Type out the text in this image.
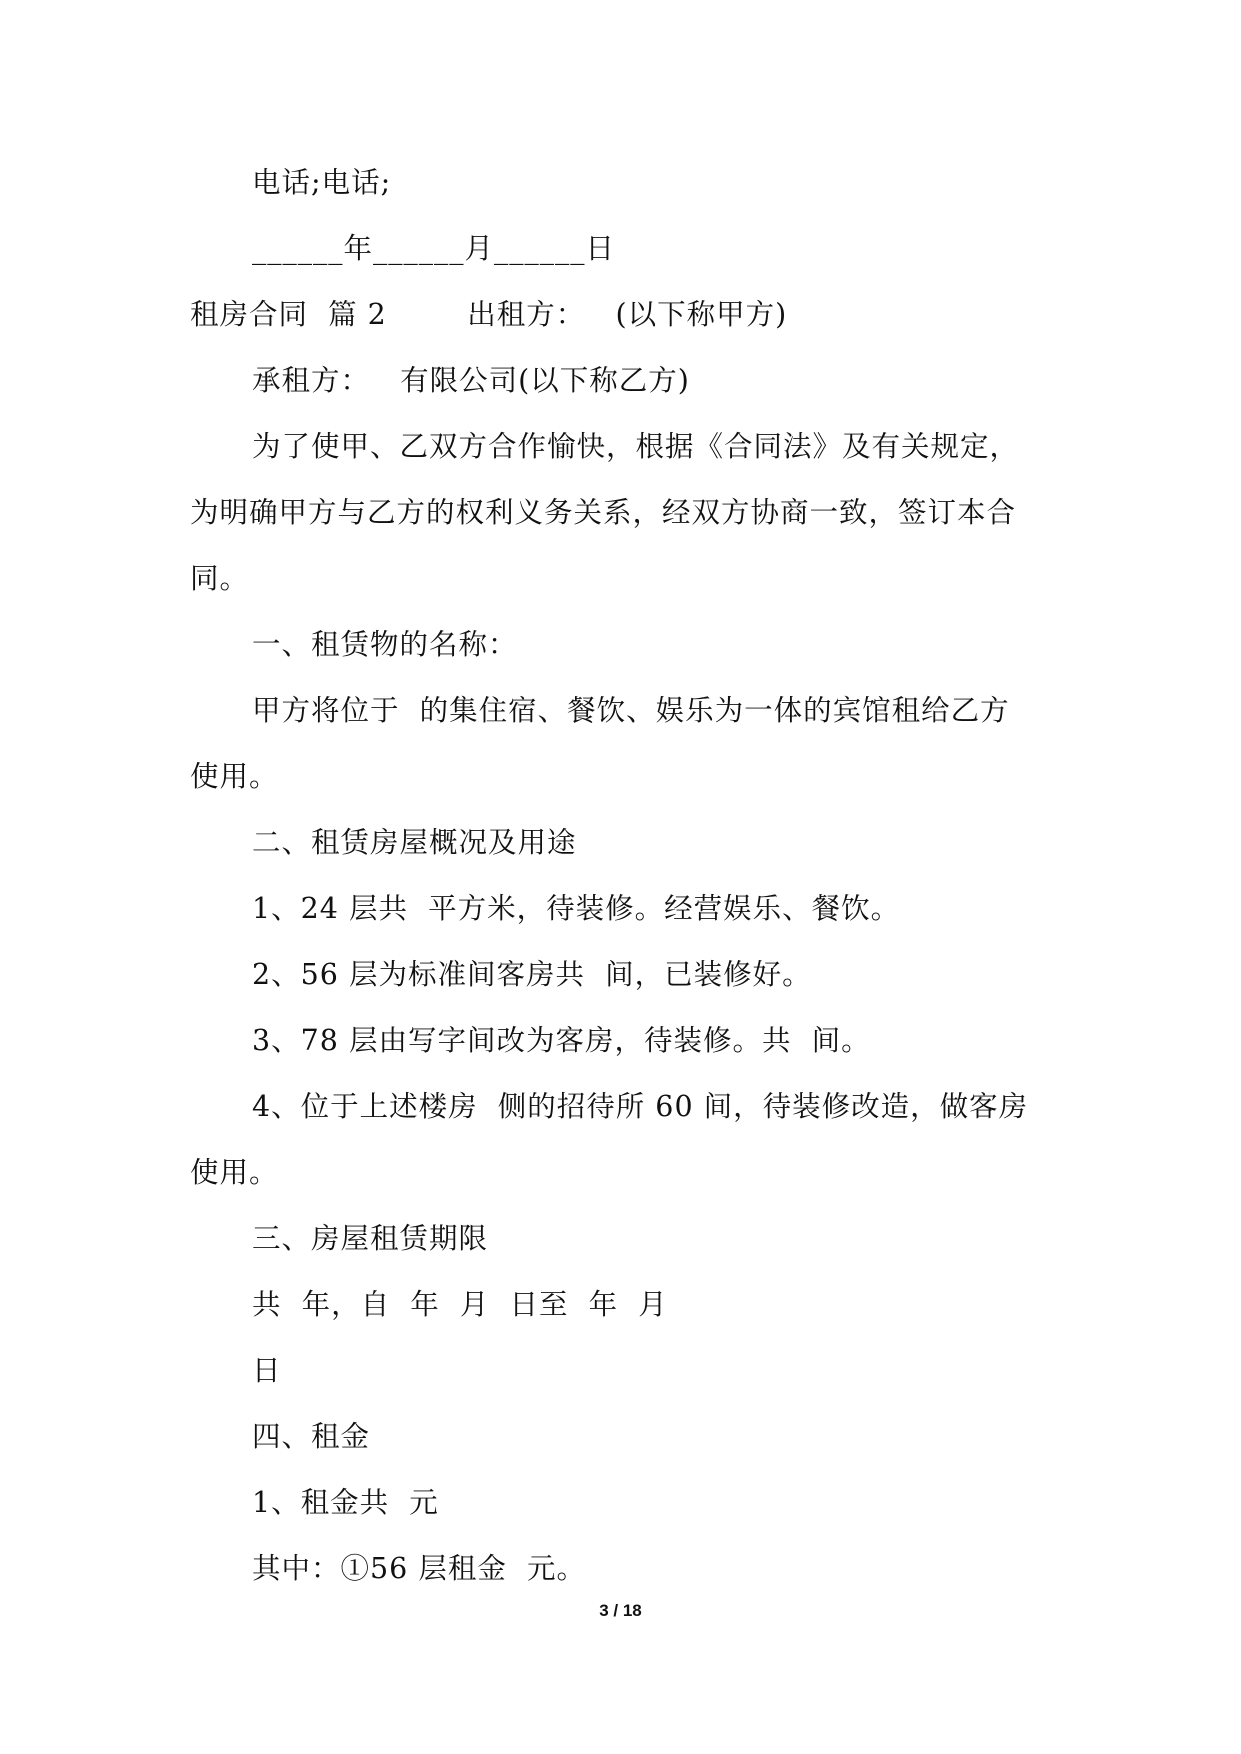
电话;电话;
______年______月______日
租房合同  篇 2        出租方：   (以下称甲方)
承租方：   有限公司(以下称乙方)
为了使甲、乙双方合作愉快，根据《合同法》及有关规定，
为明确甲方与乙方的权利义务关系，经双方协商一致，签订本合
同。
一、租赁物的名称：
甲方将位于  的集住宿、餐饮、娱乐为一体的宾馆租给乙方
使用。
二、租赁房屋概况及用途
1、24 层共  平方米，待装修。经营娱乐、餐饮。
2、56 层为标准间客房共  间，已装修好。
3、78 层由写字间改为客房，待装修。共  间。
4、位于上述楼房  侧的招待所 60 间，待装修改造，做客房
使用。
三、房屋租赁期限
共  年，自  年  月  日至  年  月
日
四、租金
1、租金共  元
其中：①56 层租金  元。
3 / 18
